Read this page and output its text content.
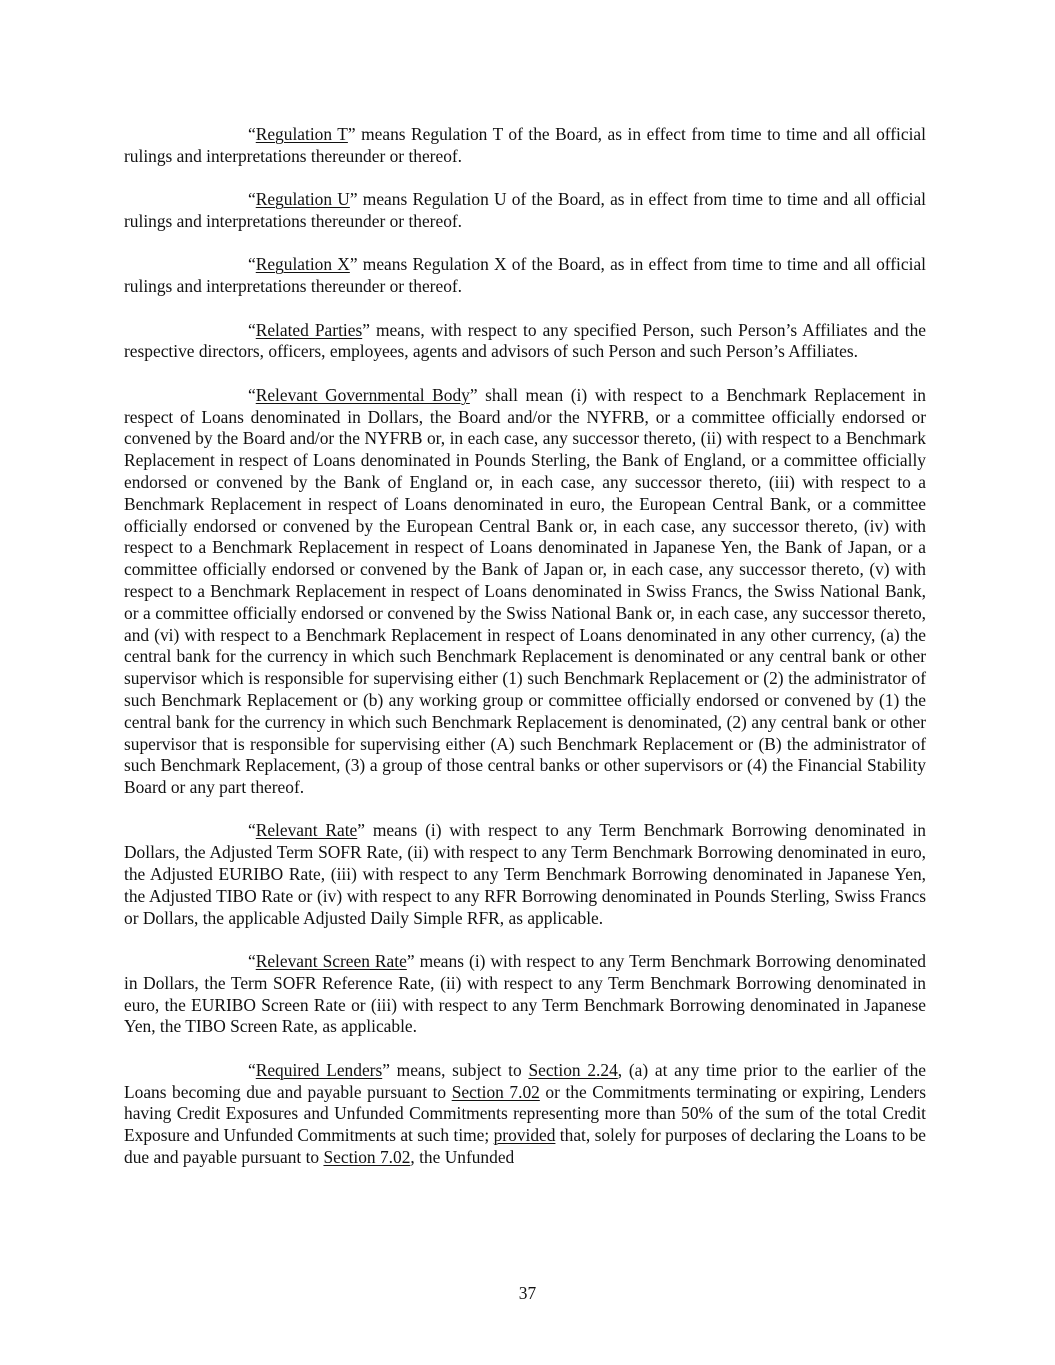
“Regulation T” means Regulation T of the Board, as in effect from time to time and all official rulings and interpretations thereunder or thereof.

“Regulation U” means Regulation U of the Board, as in effect from time to time and all official rulings and interpretations thereunder or thereof.

“Regulation X” means Regulation X of the Board, as in effect from time to time and all official rulings and interpretations thereunder or thereof.

“Related Parties” means, with respect to any specified Person, such Person’s Affiliates and the respective directors, officers, employees, agents and advisors of such Person and such Person’s Affiliates.

“Relevant Governmental Body” shall mean (i) with respect to a Benchmark Replacement in respect of Loans denominated in Dollars, the Board and/or the NYFRB, or a committee officially endorsed or convened by the Board and/or the NYFRB or, in each case, any successor thereto, (ii) with respect to a Benchmark Replacement in respect of Loans denominated in Pounds Sterling, the Bank of England, or a committee officially endorsed or convened by the Bank of England or, in each case, any successor thereto, (iii) with respect to a Benchmark Replacement in respect of Loans denominated in euro, the European Central Bank, or a committee officially endorsed or convened by the European Central Bank or, in each case, any successor thereto, (iv) with respect to a Benchmark Replacement in respect of Loans denominated in Japanese Yen, the Bank of Japan, or a committee officially endorsed or convened by the Bank of Japan or, in each case, any successor thereto, (v) with respect to a Benchmark Replacement in respect of Loans denominated in Swiss Francs, the Swiss National Bank, or a committee officially endorsed or convened by the Swiss National Bank or, in each case, any successor thereto, and (vi) with respect to a Benchmark Replacement in respect of Loans denominated in any other currency, (a) the central bank for the currency in which such Benchmark Replacement is denominated or any central bank or other supervisor which is responsible for supervising either (1) such Benchmark Replacement or (2) the administrator of such Benchmark Replacement or (b) any working group or committee officially endorsed or convened by (1) the central bank for the currency in which such Benchmark Replacement is denominated, (2) any central bank or other supervisor that is responsible for supervising either (A) such Benchmark Replacement or (B) the administrator of such Benchmark Replacement, (3) a group of those central banks or other supervisors or (4) the Financial Stability Board or any part thereof.

“Relevant Rate” means (i) with respect to any Term Benchmark Borrowing denominated in Dollars, the Adjusted Term SOFR Rate, (ii) with respect to any Term Benchmark Borrowing denominated in euro, the Adjusted EURIBO Rate, (iii) with respect to any Term Benchmark Borrowing denominated in Japanese Yen, the Adjusted TIBO Rate or (iv) with respect to any RFR Borrowing denominated in Pounds Sterling, Swiss Francs or Dollars, the applicable Adjusted Daily Simple RFR, as applicable.

“Relevant Screen Rate” means (i) with respect to any Term Benchmark Borrowing denominated in Dollars, the Term SOFR Reference Rate, (ii) with respect to any Term Benchmark Borrowing denominated in euro, the EURIBO Screen Rate or (iii) with respect to any Term Benchmark Borrowing denominated in Japanese Yen, the TIBO Screen Rate, as applicable.

“Required Lenders” means, subject to Section 2.24, (a) at any time prior to the earlier of the Loans becoming due and payable pursuant to Section 7.02 or the Commitments terminating or expiring, Lenders having Credit Exposures and Unfunded Commitments representing more than 50% of the sum of the total Credit Exposure and Unfunded Commitments at such time; provided that, solely for purposes of declaring the Loans to be due and payable pursuant to Section 7.02, the Unfunded

37
